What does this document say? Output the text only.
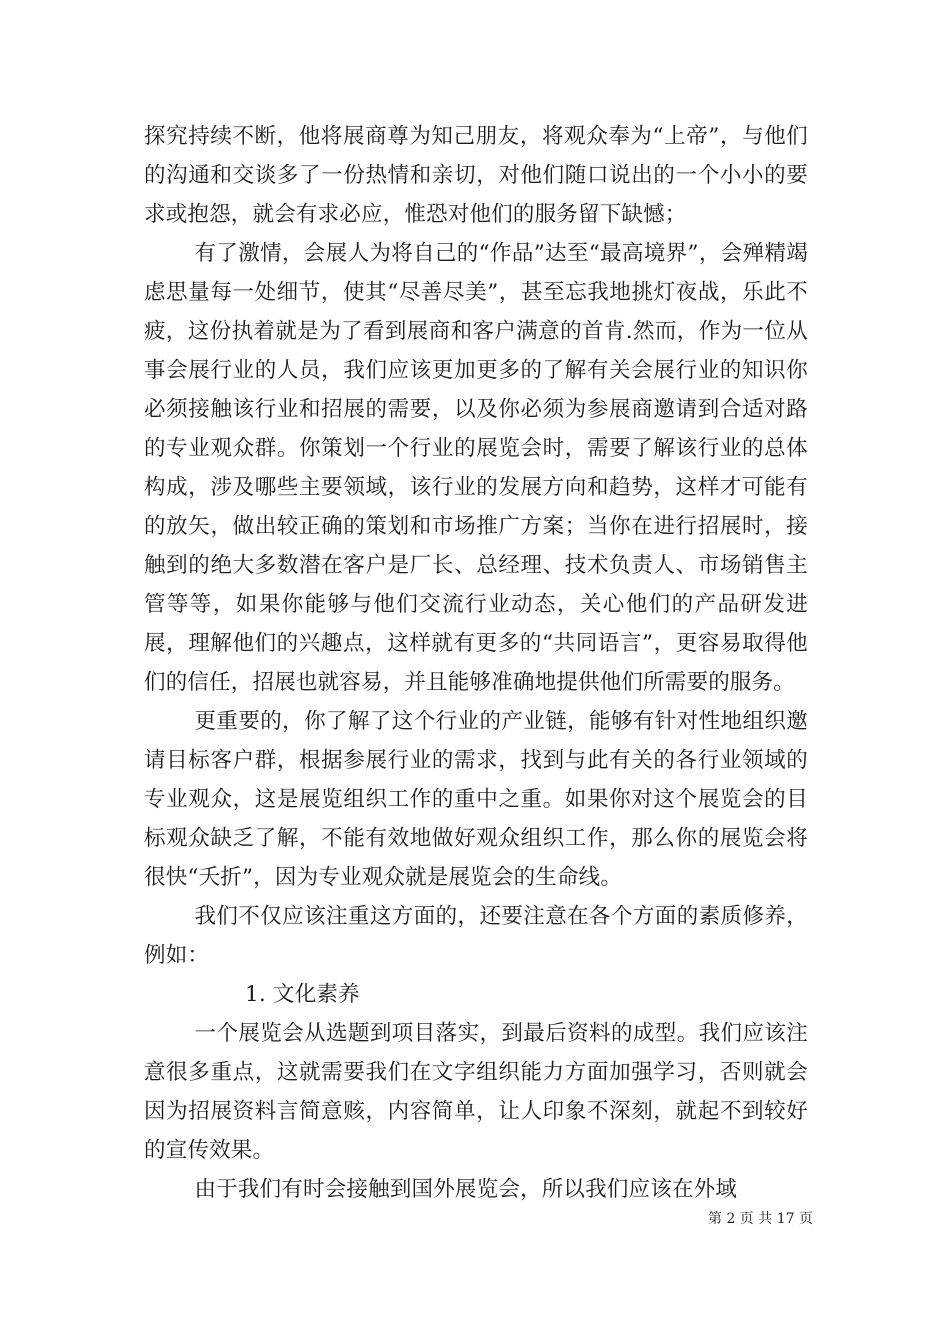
探究持续不断，他将展商尊为知己朋友，将观众奉为“上帝”，与他们的沟通和交谈多了一份热情和亲切，对他们随口说出的一个小小的要求或抱怨，就会有求必应，惟恐对他们的服务留下缺憾；

有了激情，会展人为将自己的“作品”达至“最高境界”，会殚精竭虑思量每一处细节，使其“尽善尽美”，甚至忘我地挑灯夜战，乐此不疲，这份执着就是为了看到展商和客户满意的首肯.然而，作为一位从事会展行业的人员，我们应该更加更多的了解有关会展行业的知识你必须接触该行业和招展的需要，以及你必须为参展商邀请到合适对路的专业观众群。你策划一个行业的展览会时，需要了解该行业的总体构成，涉及哪些主要领域，该行业的发展方向和趋势，这样才可能有的放矢，做出较正确的策划和市场推广方案；当你在进行招展时，接触到的绝大多数潜在客户是厂长、总经理、技术负责人、市场销售主管等等，如果你能够与他们交流行业动态，关心他们的产品研发进展，理解他们的兴趣点，这样就有更多的“共同语言”，更容易取得他们的信任，招展也就容易，并且能够准确地提供他们所需要的服务。

更重要的，你了解了这个行业的产业链，能够有针对性地组织邀请目标客户群，根据参展行业的需求，找到与此有关的各行业领域的专业观众，这是展览组织工作的重中之重。如果你对这个展览会的目标观众缺乏了解，不能有效地做好观众组织工作，那么你的展览会将很快“夭折”，因为专业观众就是展览会的生命线。

我们不仅应该注重这方面的，还要注意在各个方面的素质修养，例如：

1. 文化素养

一个展览会从选题到项目落实，到最后资料的成型。我们应该注意很多重点，这就需要我们在文字组织能力方面加强学习，否则就会因为招展资料言简意赅，内容简单，让人印象不深刻，就起不到较好的宣传效果。

由于我们有时会接触到国外展览会，所以我们应该在外域

第 2 页 共 17 页
